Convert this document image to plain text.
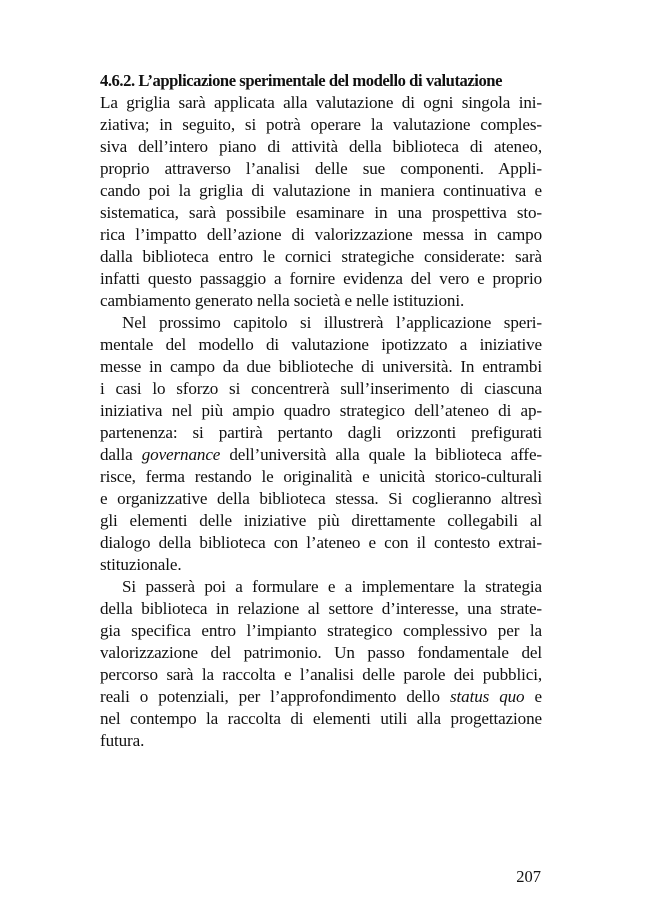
4.6.2. L’applicazione sperimentale del modello di valutazione

La griglia sarà applicata alla valutazione di ogni singola ini-
ziativa; in seguito, si potrà operare la valutazione comples-
siva dell’intero piano di attività della biblioteca di ateneo,
proprio attraverso l’analisi delle sue componenti. Appli-
cando poi la griglia di valutazione in maniera continuativa e
sistematica, sarà possibile esaminare in una prospettiva sto-
rica l’impatto dell’azione di valorizzazione messa in campo
dalla biblioteca entro le cornici strategiche considerate: sarà
infatti questo passaggio a fornire evidenza del vero e proprio
cambiamento generato nella società e nelle istituzioni.

Nel prossimo capitolo si illustrerà l’applicazione speri-
mentale del modello di valutazione ipotizzato a iniziative
messe in campo da due biblioteche di università. In entrambi
i casi lo sforzo si concentrerà sull’inserimento di ciascuna
iniziativa nel più ampio quadro strategico dell’ateneo di ap-
partenenza: si partirà pertanto dagli orizzonti prefigurati
dalla governance dell’università alla quale la biblioteca affe-
risce, ferma restando le originalità e unicità storico-culturali
e organizzative della biblioteca stessa. Si coglieranno altresì
gli elementi delle iniziative più direttamente collegabili al
dialogo della biblioteca con l’ateneo e con il contesto extrai-
stituzionale.

Si passerà poi a formulare e a implementare la strategia
della biblioteca in relazione al settore d’interesse, una strate-
gia specifica entro l’impianto strategico complessivo per la
valorizzazione del patrimonio. Un passo fondamentale del
percorso sarà la raccolta e l’analisi delle parole dei pubblici,
reali o potenziali, per l’approfondimento dello status quo e
nel contempo la raccolta di elementi utili alla progettazione
futura.

207
